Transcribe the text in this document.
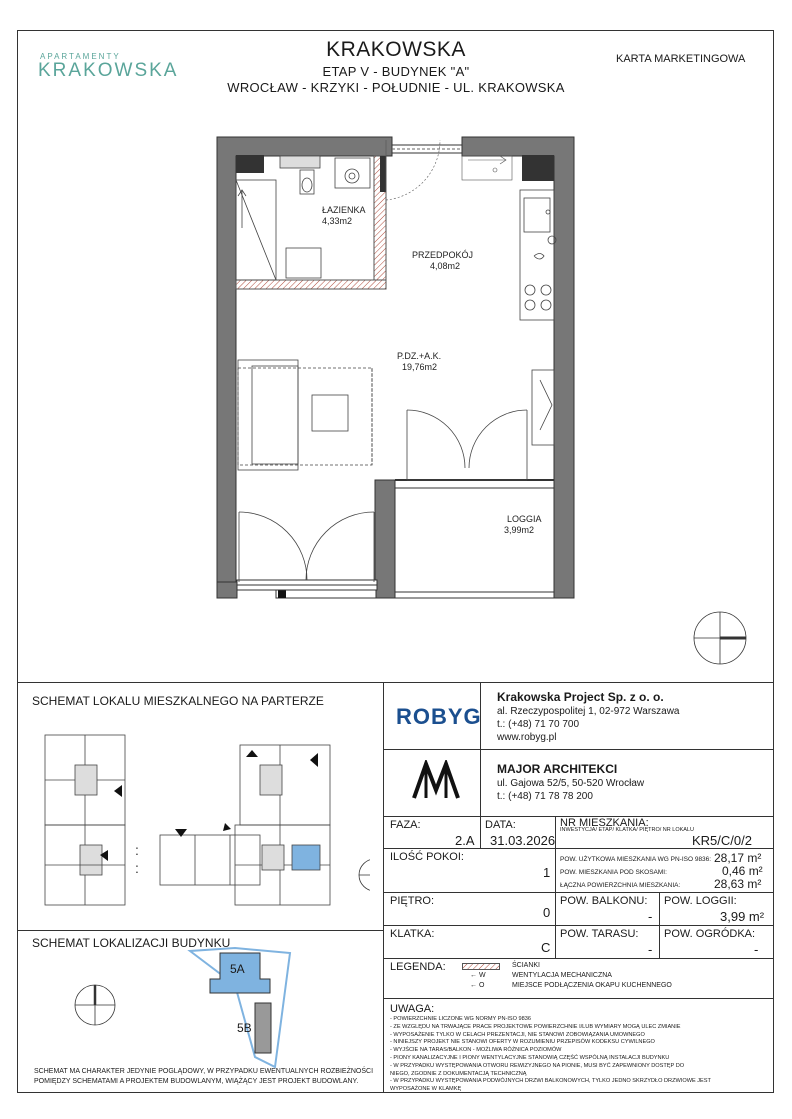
APARTAMENTY
KRAKOWSKA
KRAKOWSKA
ETAP V - BUDYNEK "A"
WROCŁAW - KRZYKI - POŁUDNIE - UL. KRAKOWSKA
KARTA MARKETINGOWA
ŁAZIENKA
4,33m2
PRZEDPOKÓJ
4,08m2
P.DZ.+A.K.
19,76m2
LOGGIA
3,99m2
SCHEMAT LOKALU MIESZKALNEGO NA PARTERZE
:
:
SCHEMAT LOKALIZACJI BUDYNKU
5A
5B
SCHEMAT MA CHARAKTER JEDYNIE POGLĄDOWY, W PRZYPADKU EWENTUALNYCH ROZBIEŻNOŚCI
POMIĘDZY SCHEMATAMI A PROJEKTEM BUDOWLANYM, WIĄŻĄCY JEST PROJEKT BUDOWLANY.
ROBYG
Krakowska Project Sp. z o. o.
al. Rzeczypospolitej 1, 02-972 Warszawa
t.: (+48) 71 70 700
www.robyg.pl
MAJOR ARCHITEKCI
ul. Gajowa 52/5, 50-520 Wrocław
t.: (+48) 71 78 78 200
FAZA:
2.A
DATA:
31.03.2026
NR MIESZKANIA:
INWESTYCJA/ ETAP/ KLATKA/ PIĘTRO/ NR LOKALU
KR5/C/0/2
ILOŚĆ POKOI:
1
POW. UŻYTKOWA MIESZKANIA WG PN-ISO 9836: 28,17 m²
POW. MIESZKANIA POD SKOSAMI:	0,46 m²
ŁĄCZNA POWIERZCHNIA MIESZKANIA:	28,63 m²
PIĘTRO:
0
POW. BALKONU:
-
POW. LOGGII:
3,99 m²
KLATKA:
C
POW. TARASU:
-
POW. OGRÓDKA:
-
LEGENDA:	ŚCIANKI
← W	WENTYLACJA MECHANICZNA
← O	MIEJSCE PODŁĄCZENIA OKAPU KUCHENNEGO
UWAGA:
- POWIERZCHNIE LICZONE WG NORMY PN-ISO 9836
- ZE WZGLĘDU NA TRWAJĄCE PRACE PROJEKTOWE POWIERZCHNIE I/LUB WYMIARY MOGĄ ULEC ZMIANIE
- WYPOSAŻENIE TYLKO W CELACH PREZENTACJI, NIE STANOWI ZOBOWIĄZANIA UMOWNEGO
- NINIEJSZY PROJEKT NIE STANOWI OFERTY W ROZUMIENIU PRZEPISÓW KODEKSU CYWILNEGO
- WYJŚCIE NA TARAS/BALKON - MOŻLIWA RÓŻNICA POZIOMÓW
- PIONY KANALIZACYJNE I PIONY WENTYLACYJNE STANOWIĄ CZĘŚĆ WSPÓLNĄ INSTALACJI BUDYNKU
- W PRZYPADKU WYSTĘPOWANIA OTWORU REWIZYJNEGO NA PIONIE, MUSI BYĆ ZAPEWNIONY DOSTĘP DO
NIEGO, ZGODNIE Z DOKUMENTACJĄ TECHNICZNĄ
- W PRZYPADKU WYSTĘPOWANIA PODWÓJNYCH DRZWI BALKONOWYCH, TYLKO JEDNO SKRZYDŁO DRZWIOWE JEST
WYPOSAŻONE W KLAMKĘ
